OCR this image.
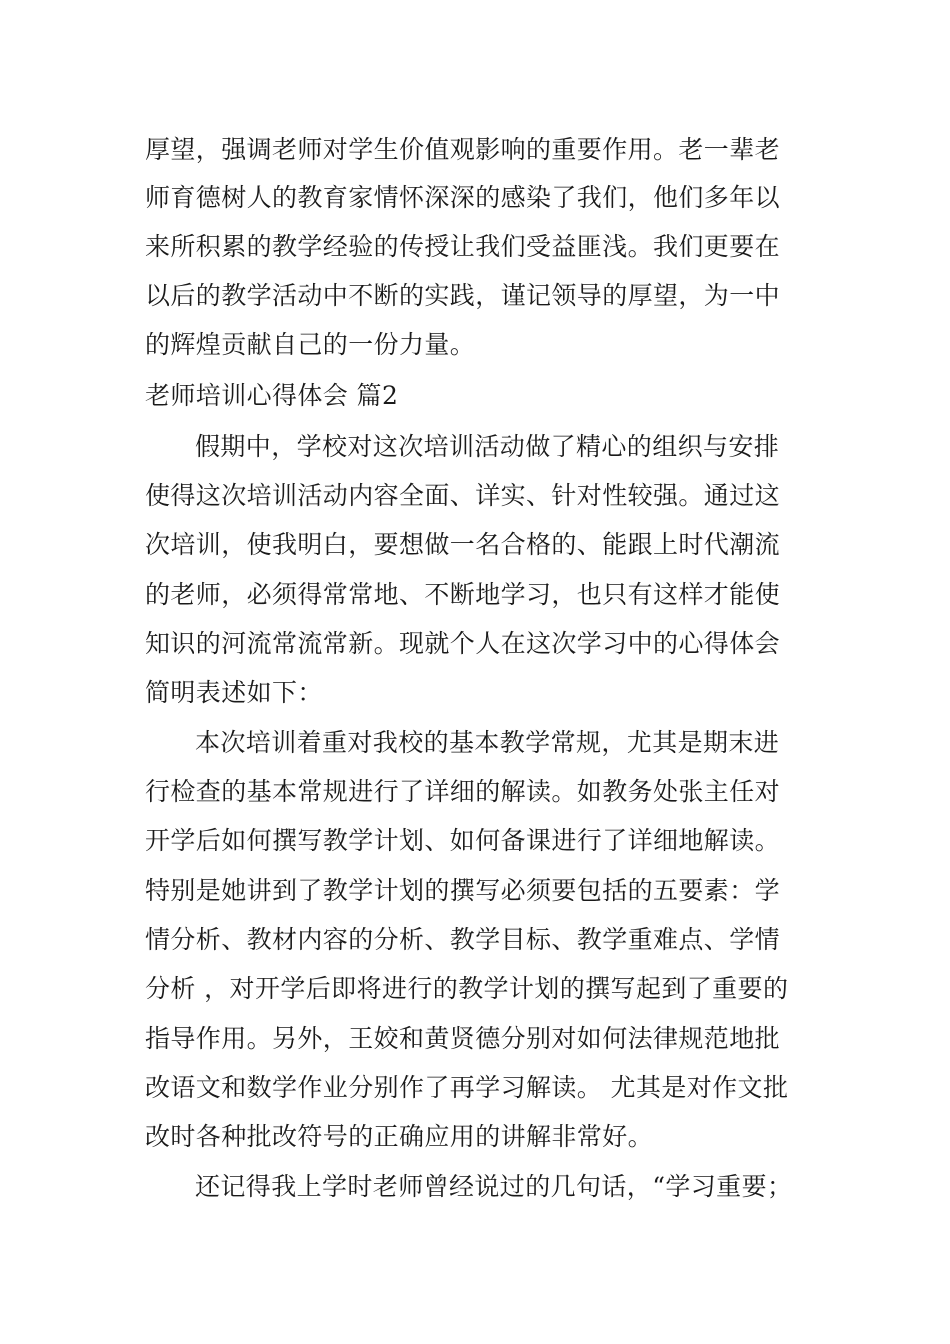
厚望，强调老师对学生价值观影响的重要作用。老一辈老
师育德树人的教育家情怀深深的感染了我们，他们多年以
来所积累的教学经验的传授让我们受益匪浅。我们更要在
以后的教学活动中不断的实践，谨记领导的厚望，为一中
的辉煌贡献自己的一份力量。
老师培训心得体会 篇2
假期中，学校对这次培训活动做了精心的组织与安排
使得这次培训活动内容全面、详实、针对性较强。通过这
次培训，使我明白，要想做一名合格的、能跟上时代潮流
的老师，必须得常常地、不断地学习，也只有这样才能使
知识的河流常流常新。现就个人在这次学习中的心得体会
简明表述如下：
本次培训着重对我校的基本教学常规，尤其是期末进
行检查的基本常规进行了详细的解读。如教务处张主任对
开学后如何撰写教学计划、如何备课进行了详细地解读。
特别是她讲到了教学计划的撰写必须要包括的五要素：学
情分析、教材内容的分析、教学目标、教学重难点、学情
分析 ，对开学后即将进行的教学计划的撰写起到了重要的
指导作用。另外，王姣和黄贤德分别对如何法律规范地批
改语文和数学作业分别作了再学习解读。 尤其是对作文批
改时各种批改符号的正确应用的讲解非常好。
还记得我上学时老师曾经说过的几句话，“学习重要；
